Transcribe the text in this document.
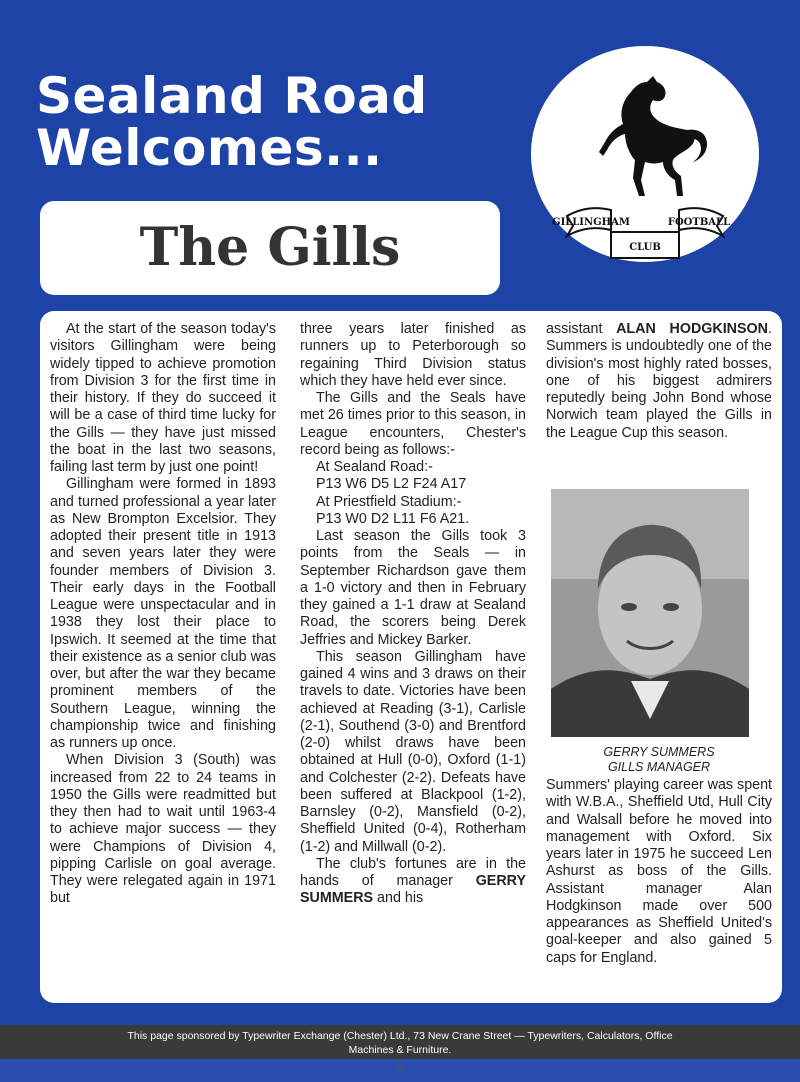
Sealand Road
Welcomes...
The Gills	GILLINGHAM	FOOTBALL
CLUB

At the start of the season today's visitors Gillingham were being widely tipped to achieve promotion from Division 3 for the first time in their history. If they do succeed it will be a case of third time lucky for the Gills — they have just missed the boat in the last two seasons, failing last term by just one point!

Gillingham were formed in 1893 and turned professional a year later as New Brompton Excelsior. They adopted their present title in 1913 and seven years later they were founder members of Division 3. Their early days in the Football League were unspectacular and in 1938 they lost their place to Ipswich. It seemed at the time that their existence as a senior club was over, but after the war they became prominent members of the Southern League, winning the championship twice and finishing as runners up once.

When Division 3 (South) was increased from 22 to 24 teams in 1950 the Gills were readmitted but they then had to wait until 1963-4 to achieve major success — they were Champions of Division 4, pipping Carlisle on goal average. They were relegated again in 1971 but

three years later finished as runners up to Peterborough so regaining Third Division status which they have held ever since.

The Gills and the Seals have met 26 times prior to this season, in League encounters, Chester's record being as follows:-

At Sealand Road:-

P13 W6 D5 L2 F24 A17

At Priestfield Stadium:-

P13 W0 D2 L11 F6 A21.

Last season the Gills took 3 points from the Seals — in September Richardson gave them a 1-0 victory and then in February they gained a 1-1 draw at Sealand Road, the scorers being Derek Jeffries and Mickey Barker.

This season Gillingham have gained 4 wins and 3 draws on their travels to date. Victories have been achieved at Reading (3-1), Carlisle (2-1), Southend (3-0) and Brentford (2-0) whilst draws have been obtained at Hull (0-0), Oxford (1-1) and Colchester (2-2). Defeats have been suffered at Blackpool (1-2), Barnsley (0-2), Mansfield (0-2), Sheffield United (0-4), Rotherham (1-2) and Millwall (0-2).

The club's fortunes are in the hands of manager GERRY SUMMERS and his

assistant ALAN HODGKINSON. Summers is undoubtedly one of the division's most highly rated bosses, one of his biggest admirers reputedly being John Bond whose Norwich team played the Gills in the League Cup this season.

GERRY SUMMERS
GILLS MANAGER

Summers' playing career was spent with W.B.A., Sheffield Utd, Hull City and Walsall before he moved into management with Oxford. Six years later in 1975 he succeed Len Ashurst as boss of the Gills. Assistant manager Alan Hodgkinson made over 500 appearances as Sheffield United's goal-keeper and also gained 5 caps for England.

This page sponsored by Typewriter Exchange (Chester) Ltd., 73 New Crane Street — Typewriters, Calculators, Office
Machines & Furniture.
5
